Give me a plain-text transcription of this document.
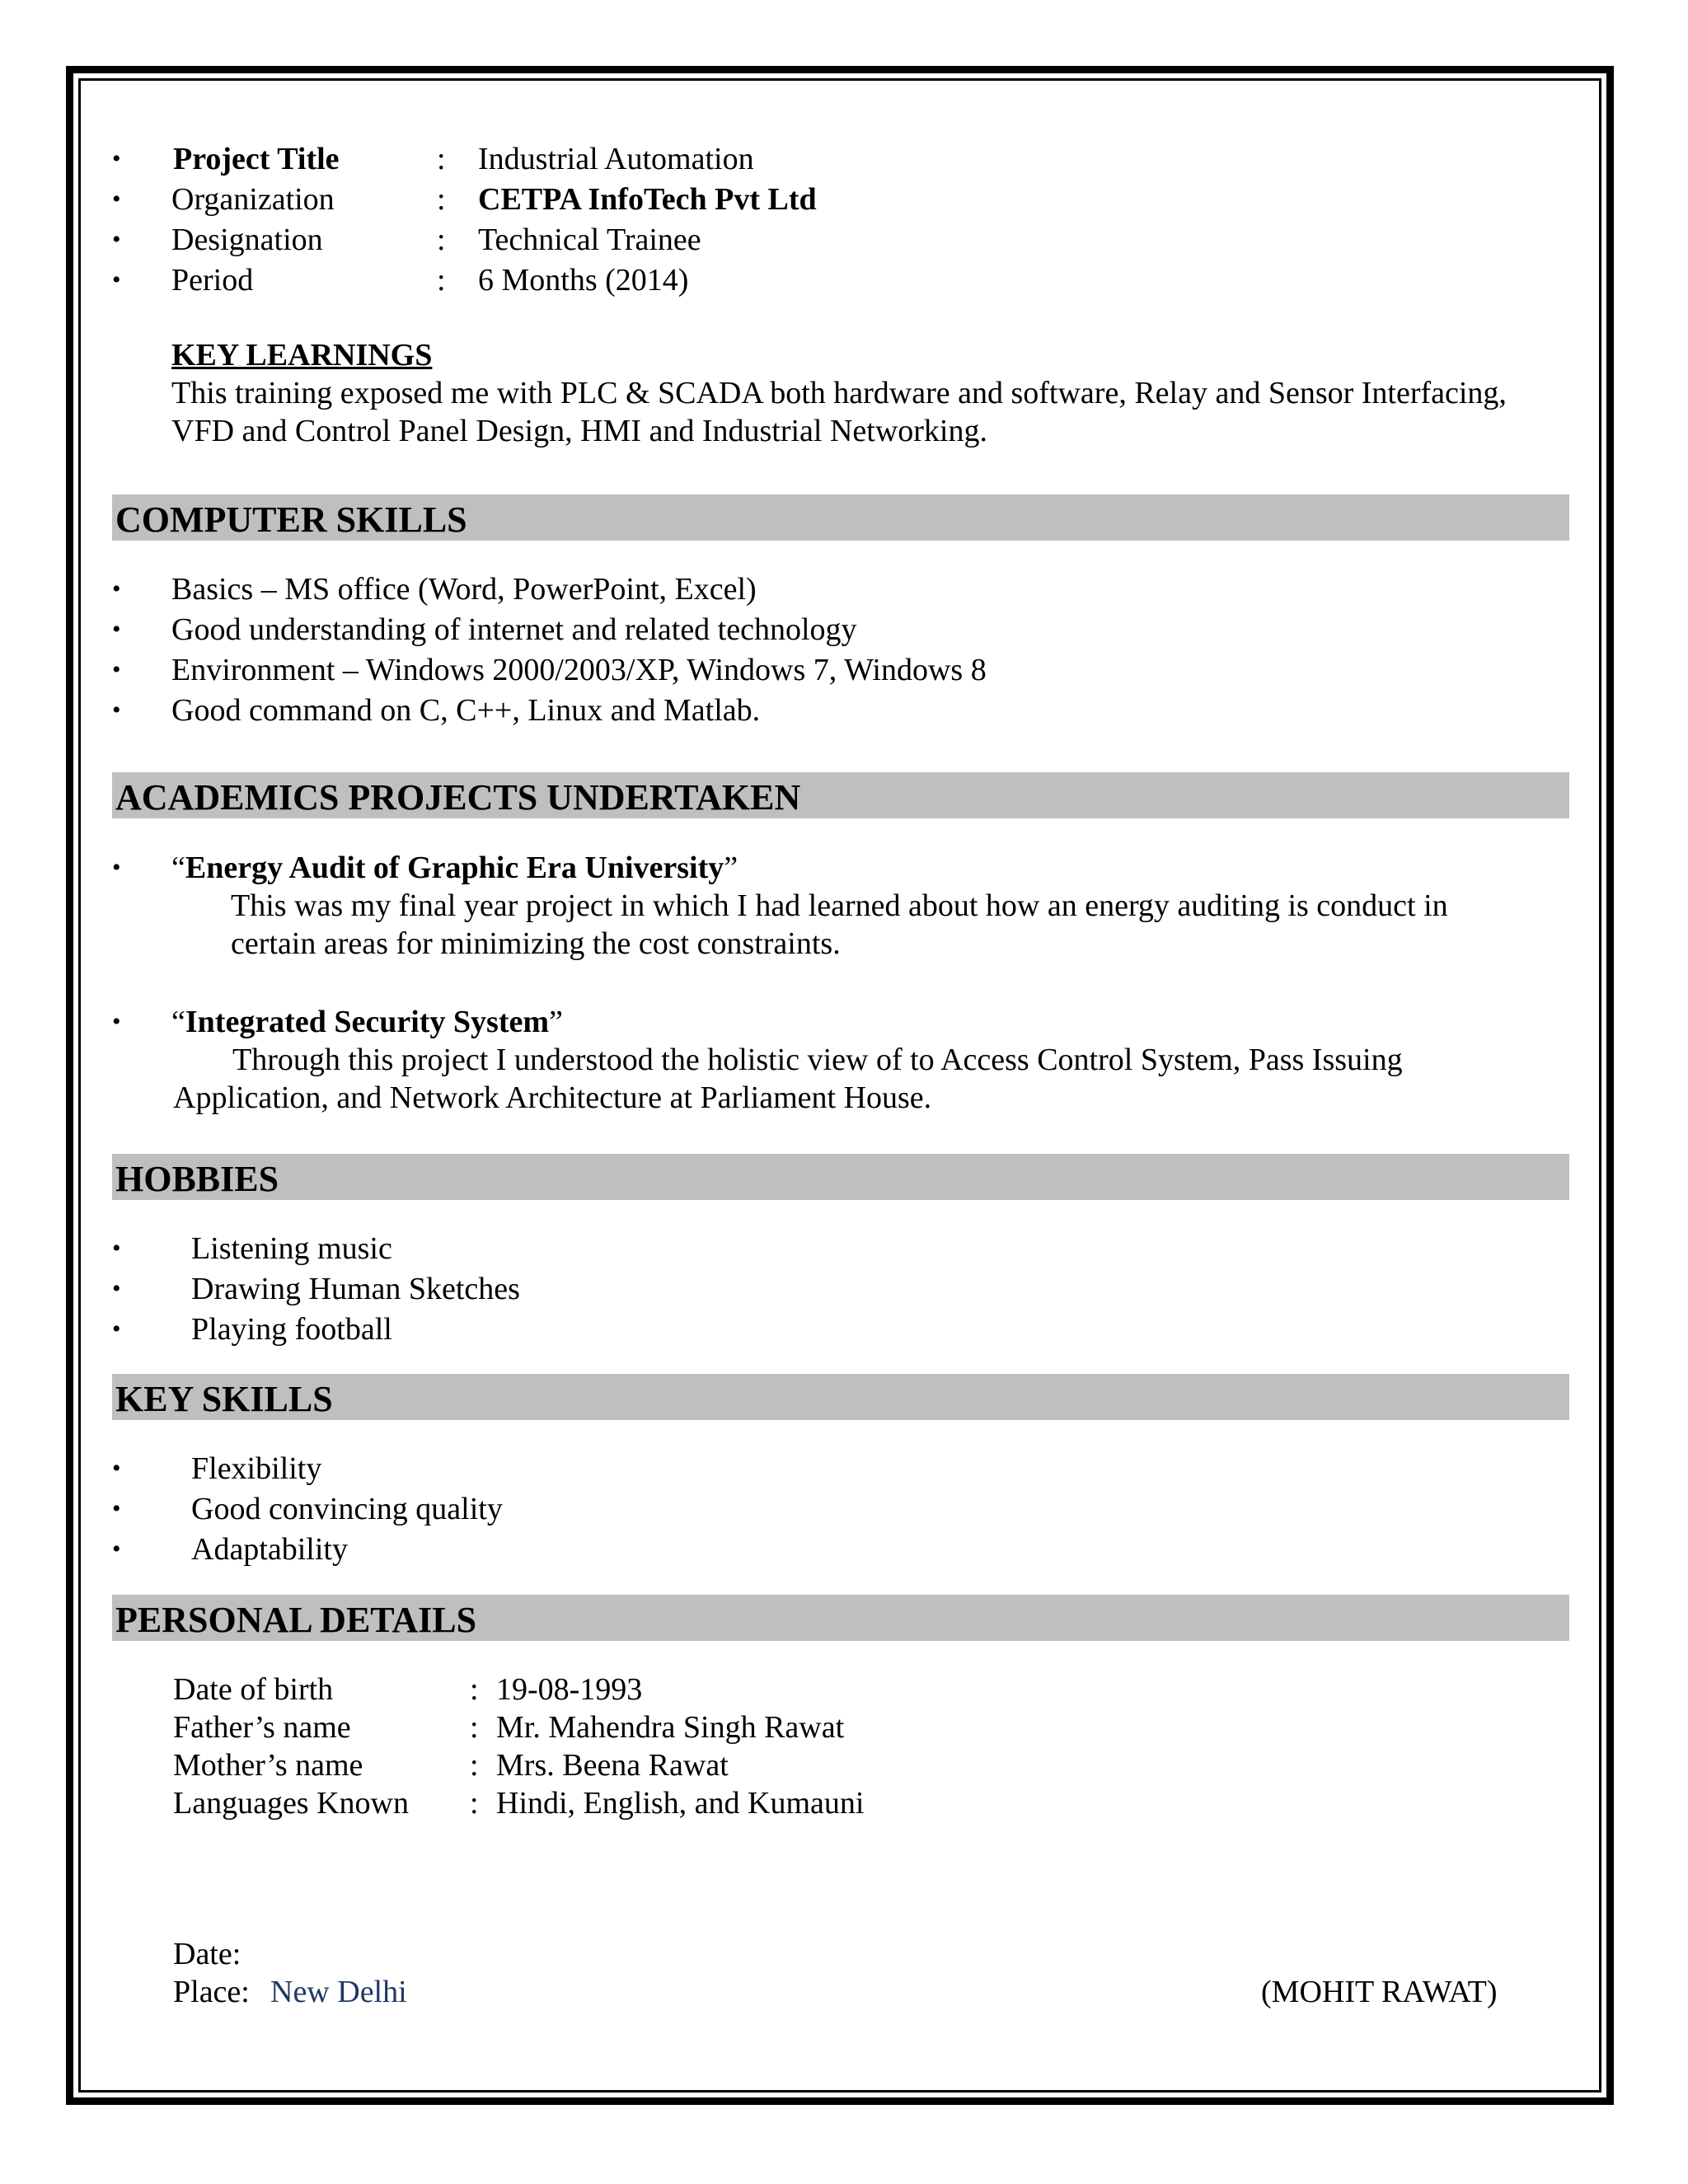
• Project Title	: Industrial Automation
• Organization	: CETPA InfoTech Pvt Ltd
• Designation	: Technical Trainee
• Period	: 6 Months (2014)
KEY LEARNINGS
This training exposed me with PLC & SCADA both hardware and software, Relay and Sensor Interfacing,
VFD and Control Panel Design, HMI and Industrial Networking.
COMPUTER SKILLS
• Basics – MS office (Word, PowerPoint, Excel)
• Good understanding of internet and related technology
• Environment – Windows 2000/2003/XP, Windows 7, Windows 8
• Good command on C, C++, Linux and Matlab.
ACADEMICS PROJECTS UNDERTAKEN
• “Energy Audit of Graphic Era University”
This was my final year project in which I had learned about how an energy auditing is conduct in
certain areas for minimizing the cost constraints.
• “Integrated Security System”
Through this project I understood the holistic view of to Access Control System, Pass Issuing
Application, and Network Architecture at Parliament House.
HOBBIES
• Listening music
• Drawing Human Sketches
• Playing football
KEY SKILLS
• Flexibility
• Good convincing quality
• Adaptability
PERSONAL DETAILS
Date of birth	: 19-08-1993
Father’s name	: Mr. Mahendra Singh Rawat
Mother’s name	: Mrs. Beena Rawat
Languages Known : Hindi, English, and Kumauni
Date:
Place: New Delhi	(MOHIT RAWAT)
